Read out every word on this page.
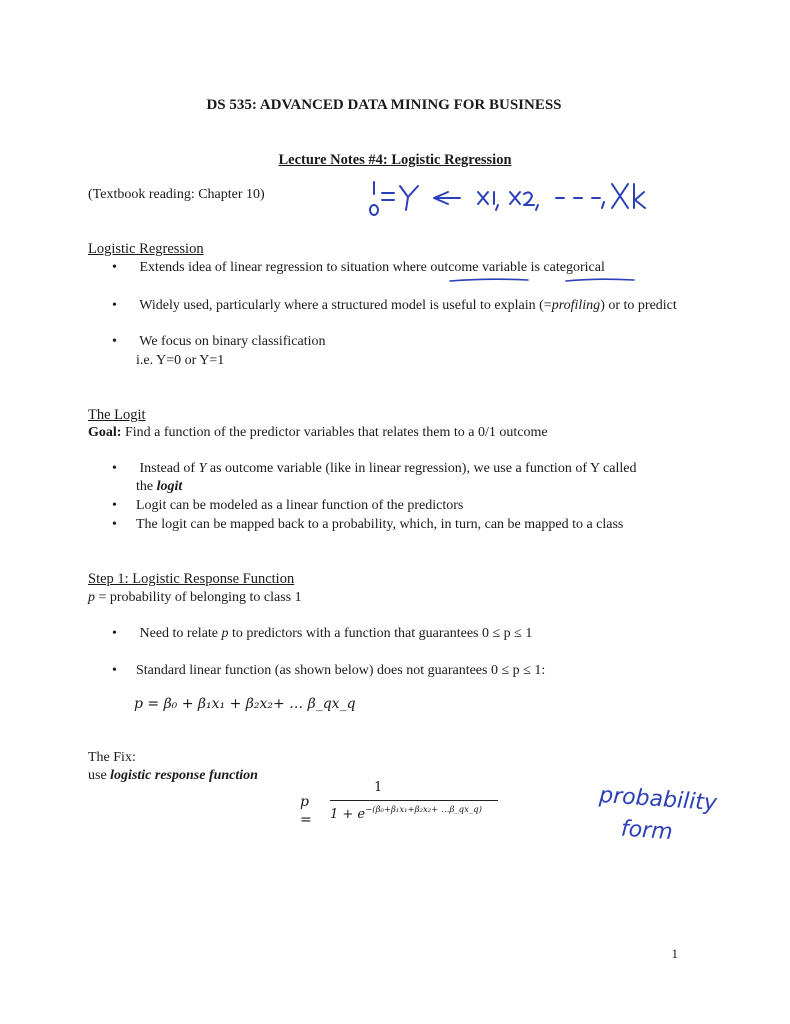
DS 535: ADVANCED DATA MINING FOR BUSINESS
Lecture Notes #4: Logistic Regression
(Textbook reading: Chapter 10)
1/0 = Y ← x1, x2, …, Xk
Logistic Regression
• Extends idea of linear regression to situation where outcome variable is categorical
• Widely used, particularly where a structured model is useful to explain (=profiling) or to predict
• We focus on binary classification
i.e. Y=0 or Y=1
The Logit
Goal: Find a function of the predictor variables that relates them to a 0/1 outcome
• Instead of Y as outcome variable (like in linear regression), we use a function of Y called
the logit
• Logit can be modeled as a linear function of the predictors
• The logit can be mapped back to a probability, which, in turn, can be mapped to a class
Step 1: Logistic Response Function
p = probability of belonging to class 1
• Need to relate p to predictors with a function that guarantees 0 ≤ p ≤ 1
• Standard linear function (as shown below) does not guarantees 0 ≤ p ≤ 1:
p = β₀ + β₁x₁ + β₂x₂+ … β_qx_q
The Fix:
use logistic response function
p =
1
$1 + e^{-(\beta_0+\beta_1x_1+\beta_2x_2+ \dots\beta\_qx\_q)}$	probability
form
1
